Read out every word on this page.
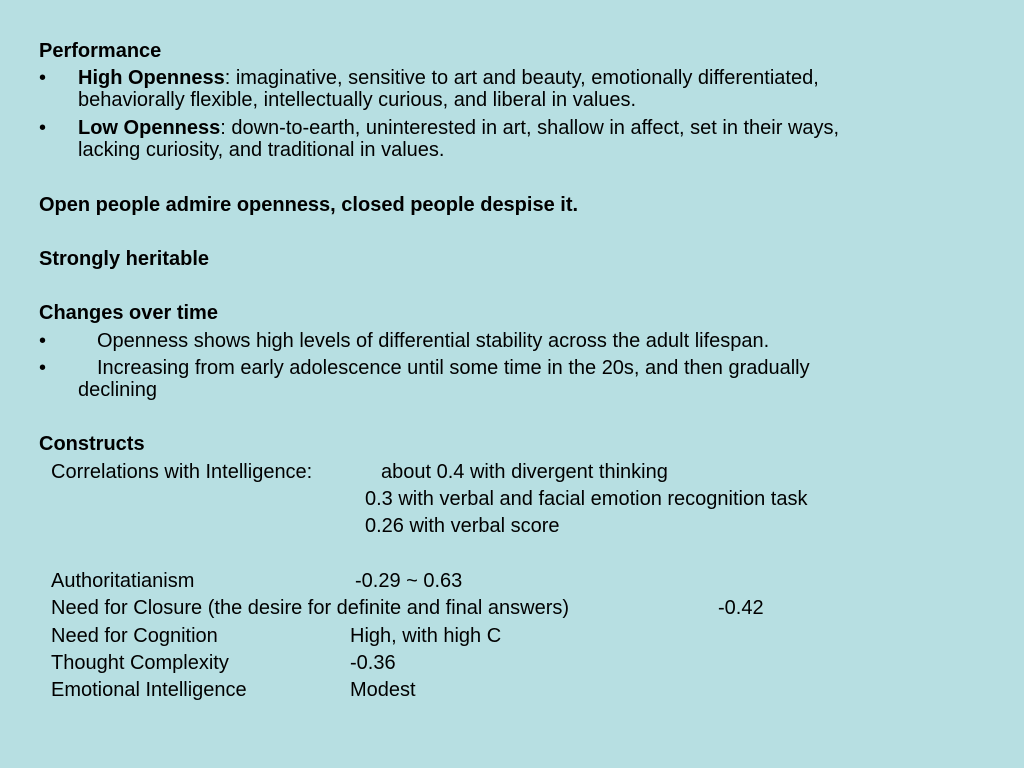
Performance
• High Openness: imaginative, sensitive to art and beauty, emotionally differentiated,
behaviorally flexible, intellectually curious, and liberal in values.
• Low Openness: down-to-earth, uninterested in art, shallow in affect, set in their ways,
lacking curiosity, and traditional in values.
Open people admire openness, closed people despise it.
Strongly heritable
Changes over time
•	Openness shows high levels of differential stability across the adult lifespan.
•	Increasing from early adolescence until some time in the 20s, and then gradually
declining
Constructs
Correlations with Intelligence:	about 0.4 with divergent thinking
0.3 with verbal and facial emotion recognition task
0.26 with verbal score
Authoritatianism	-0.29 ~ 0.63
Need for Closure (the desire for definite and final answers)	-0.42
Need for Cognition	High, with high C
Thought Complexity	-0.36
Emotional Intelligence	Modest
